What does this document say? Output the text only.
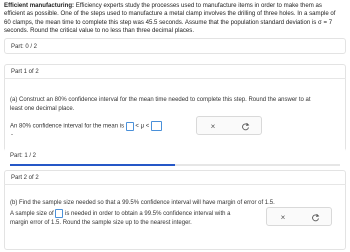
Efficient manufacturing: Efficiency experts study the processes used to manufacture items in order to make them as
efficient as possible. One of the steps used to manufacture a metal clamp involves the drilling of three holes. In a sample of
60 clamps, the mean time to complete this step was 45.5 seconds. Assume that the population standard deviation is σ = 7
seconds. Round the critical value to no less than three decimal places.
Part: 0 / 2
Part 1 of 2
(a) Construct an 80% confidence interval for the mean time needed to complete this step. Round the answer to at
least one decimal place.
An 80% confidence interval for the mean is < μ <
-
×
Part: 1 / 2
Part 2 of 2
(b) Find the sample size needed so that a 99.5% confidence interval will have margin of error of 1.5.
A sample size of is needed in order to obtain a 99.5% confidence interval with a
margin error of 1.5. Round the sample size up to the nearest integer.
×
